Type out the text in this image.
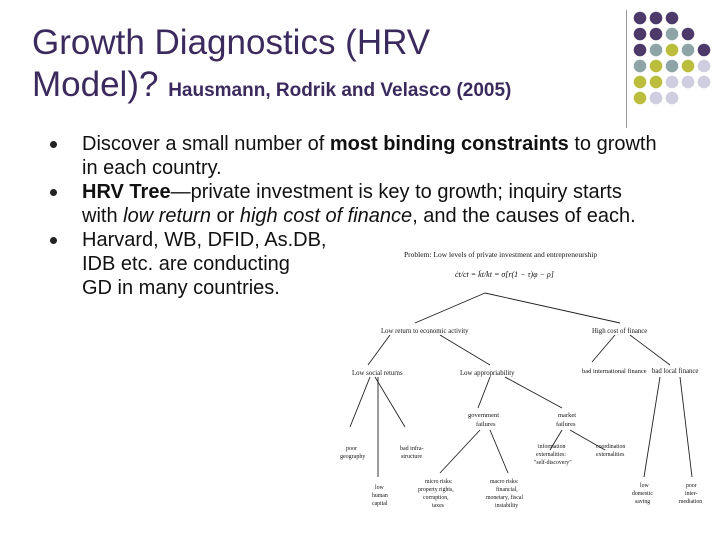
Growth Diagnostics (HRV
Model)? Hausmann, Rodrik and Velasco (2005)
Discover a small number of most binding constraints to growth in each country.
HRV Tree—private investment is key to growth; inquiry starts with low return or high cost of finance, and the causes of each.
Harvard, WB, DFID, As.DB,
IDB etc. are conducting
GD in many countries.
Problem: Low levels of private investment and entrepreneurship
ċt/ct = k̇t/kt = σ[r(1 − τ)φ − ρ]
Low return to economic activity	High cost of finance
Low social returns	Low appropriability	bad international finance bad local finance
government
failures
market
failures
poor
geography
bad infra-
structure
information
externalities:
"self-discovery"
coordination
externalities
low
human
capital
micro risks:
property rights,
corruption,
taxes
macro risks:
financial,
monetary, fiscal
instability
low
domestic
saving
poor
inter-
mediation
